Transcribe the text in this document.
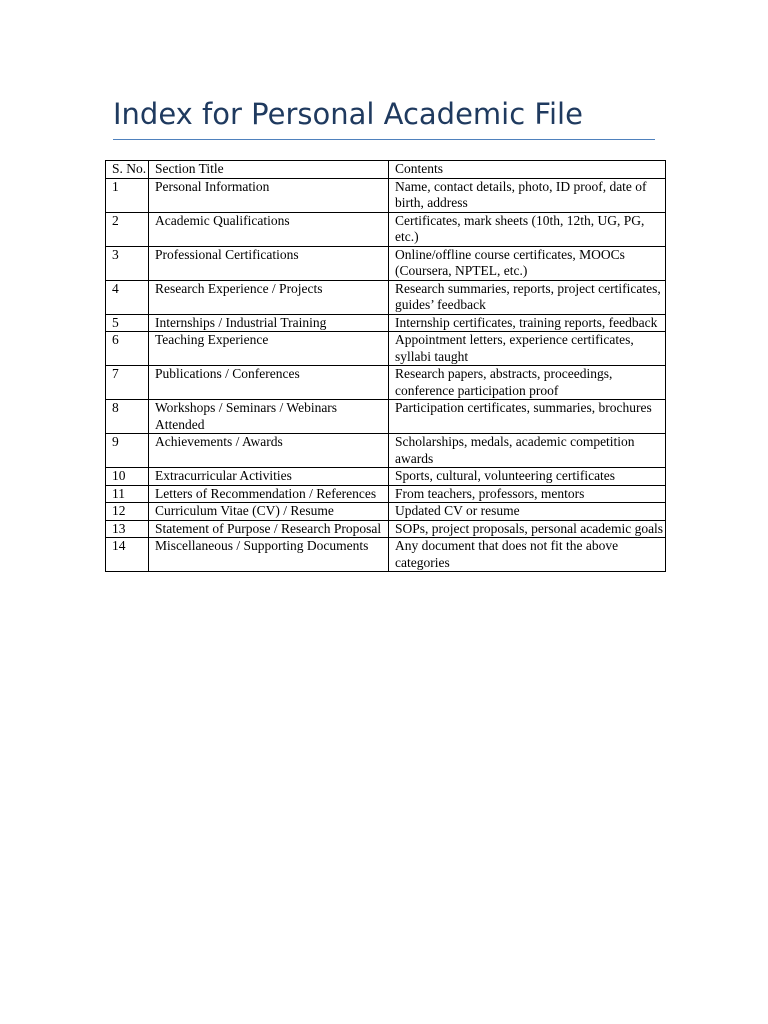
Index for Personal Academic File
S. No.	Section Title	Contents
1	Personal Information	Name, contact details, photo, ID proof, date of birth, address
2	Academic Qualifications	Certificates, mark sheets (10th, 12th, UG, PG, etc.)
3	Professional Certifications	Online/offline course certificates, MOOCs (Coursera, NPTEL, etc.)
4	Research Experience / Projects	Research summaries, reports, project certificates, guides’ feedback
5	Internships / Industrial Training	Internship certificates, training reports, feedback
6	Teaching Experience	Appointment letters, experience certificates, syllabi taught
7	Publications / Conferences	Research papers, abstracts, proceedings, conference participation proof
8	Workshops / Seminars / Webinars Attended	Participation certificates, summaries, brochures
9	Achievements / Awards	Scholarships, medals, academic competition awards
10	Extracurricular Activities	Sports, cultural, volunteering certificates
11	Letters of Recommendation / References	From teachers, professors, mentors
12	Curriculum Vitae (CV) / Resume	Updated CV or resume
13	Statement of Purpose / Research Proposal	SOPs, project proposals, personal academic goals
14	Miscellaneous / Supporting Documents	Any document that does not fit the above categories
